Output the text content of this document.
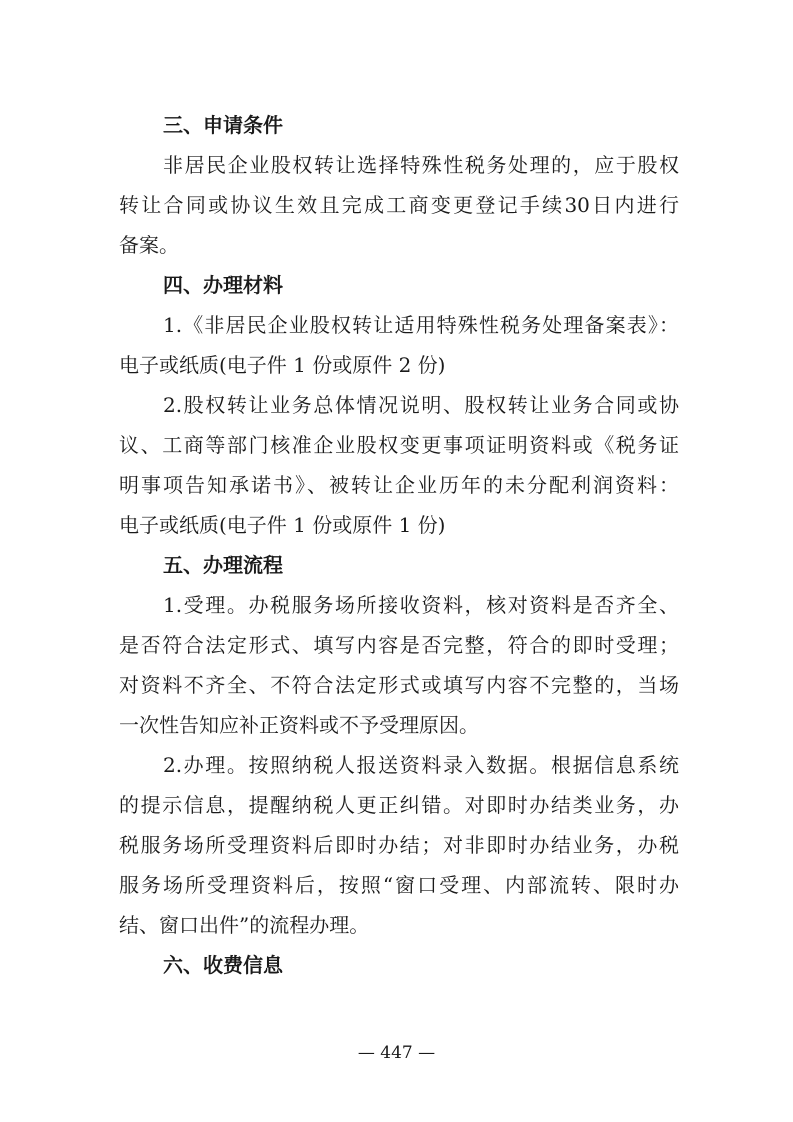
三、申请条件
非居民企业股权转让选择特殊性税务处理的，应于股权
转让合同或协议生效且完成工商变更登记手续30日内进行
备案。
四、办理材料
1.《非居民企业股权转让适用特殊性税务处理备案表》：
电子或纸质(电子件 1 份或原件 2 份)
2.股权转让业务总体情况说明、股权转让业务合同或协
议、工商等部门核准企业股权变更事项证明资料或《税务证
明事项告知承诺书》、被转让企业历年的未分配利润资料：
电子或纸质(电子件 1 份或原件 1 份)
五、办理流程
1.受理。办税服务场所接收资料，核对资料是否齐全、
是否符合法定形式、填写内容是否完整，符合的即时受理；
对资料不齐全、不符合法定形式或填写内容不完整的，当场
一次性告知应补正资料或不予受理原因。
2.办理。按照纳税人报送资料录入数据。根据信息系统
的提示信息，提醒纳税人更正纠错。对即时办结类业务，办
税服务场所受理资料后即时办结；对非即时办结业务，办税
服务场所受理资料后，按照“窗口受理、内部流转、限时办
结、窗口出件”的流程办理。
六、收费信息
— 447 —
